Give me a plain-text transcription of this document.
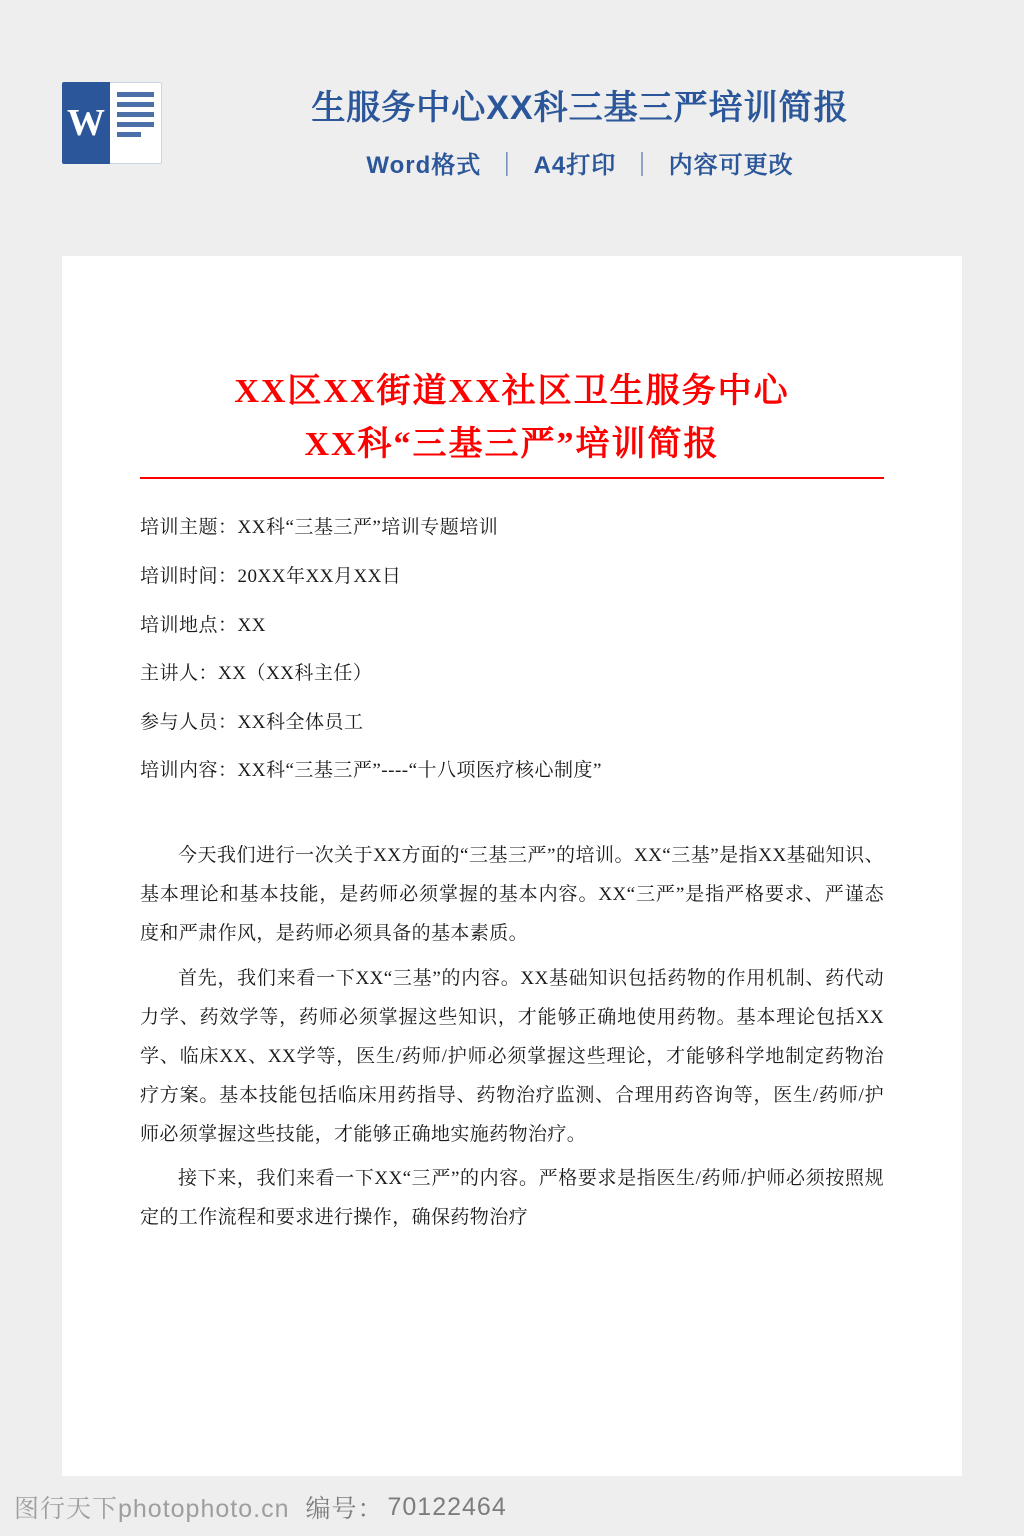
W	生服务中心XX科三基三严培训简报
Word格式 ｜ A4打印 ｜ 内容可更改
XX区XX街道XX社区卫生服务中心
XX科“三基三严”培训简报

培训主题：XX科“三基三严”培训专题培训

培训时间：20XX年XX月XX日

培训地点：XX

主讲人：XX（XX科主任）

参与人员：XX科全体员工

培训内容：XX科“三基三严”----“十八项医疗核心制度”

今天我们进行一次关于XX方面的“三基三严”的培训。XX“三基”是指XX基础知识、基本理论和基本技能，是药师必须掌握的基本内容。XX“三严”是指严格要求、严谨态度和严肃作风，是药师必须具备的基本素质。

首先，我们来看一下XX“三基”的内容。XX基础知识包括药物的作用机制、药代动力学、药效学等，药师必须掌握这些知识，才能够正确地使用药物。基本理论包括XX学、临床XX、XX学等，医生/药师/护师必须掌握这些理论，才能够科学地制定药物治疗方案。基本技能包括临床用药指导、药物治疗监测、合理用药咨询等，医生/药师/护师必须掌握这些技能，才能够正确地实施药物治疗。

接下来，我们来看一下XX“三严”的内容。严格要求是指医生/药师/护师必须按照规定的工作流程和要求进行操作，确保药物治疗

图行天下photophoto.cn 编号： 70122464
